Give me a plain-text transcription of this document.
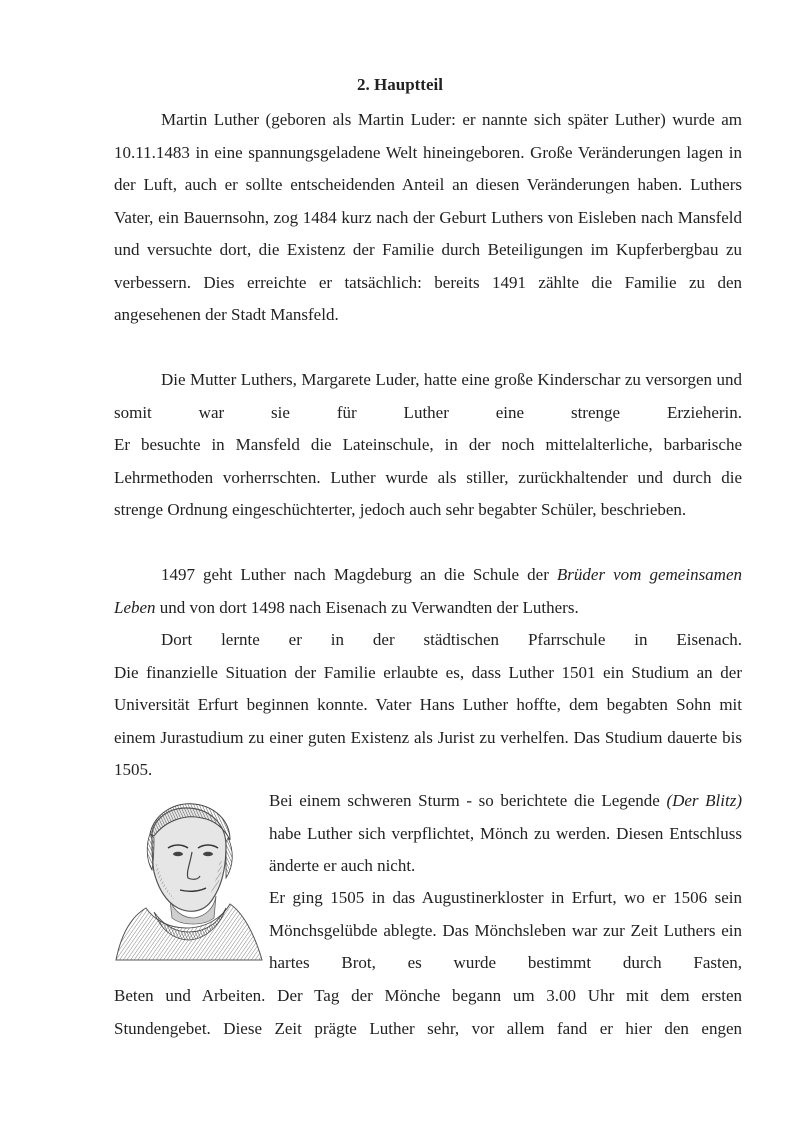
2. Hauptteil

Martin Luther (geboren als Martin Luder: er nannte sich später Luther) wurde am 10.11.1483 in eine spannungsgeladene Welt hineingeboren. Große Veränderungen lagen in der Luft, auch er sollte entscheidenden Anteil an diesen Veränderungen haben. Luthers Vater, ein Bauernsohn, zog 1484 kurz nach der Geburt Luthers von Eisleben nach Mansfeld und versuchte dort, die Existenz der Familie durch Beteiligungen im Kupferbergbau zu verbessern. Dies erreichte er tatsächlich: bereits 1491 zählte die Familie zu den angesehenen der Stadt Mansfeld.

Die Mutter Luthers, Margarete Luder, hatte eine große Kinderschar zu versorgen und somit war sie für Luther eine strenge Erzieherin.

Er besuchte in Mansfeld die Lateinschule, in der noch mittelalterliche, barbarische Lehrmethoden vorherrschten. Luther wurde als stiller, zurückhaltender und durch die strenge Ordnung eingeschüchterter, jedoch auch sehr begabter Schüler, beschrieben.

1497 geht Luther nach Magdeburg an die Schule der Brüder vom gemeinsamen Leben und von dort 1498 nach Eisenach zu Verwandten der Luthers.

Dort lernte er in der städtischen Pfarrschule in Eisenach.

Die finanzielle Situation der Familie erlaubte es, dass Luther 1501 ein Studium an der Universität Erfurt beginnen konnte. Vater Hans Luther hoffte, dem begabten Sohn mit einem Jurastudium zu einer guten Existenz als Jurist zu verhelfen. Das Studium dauerte bis 1505.

Bei einem schweren Sturm - so berichtete die Legende (Der Blitz) habe Luther sich verpflichtet, Mönch zu werden. Diesen Entschluss änderte er auch nicht.

Er ging 1505 in das Augustinerkloster in Erfurt, wo er 1506 sein Mönchsgelübde ablegte. Das Mönchsleben war zur Zeit Luthers ein hartes Brot, es wurde bestimmt durch Fasten,

Beten und Arbeiten. Der Tag der Mönche begann um 3.00 Uhr mit dem ersten Stundengebet. Diese Zeit prägte Luther sehr, vor allem fand er hier den engen
